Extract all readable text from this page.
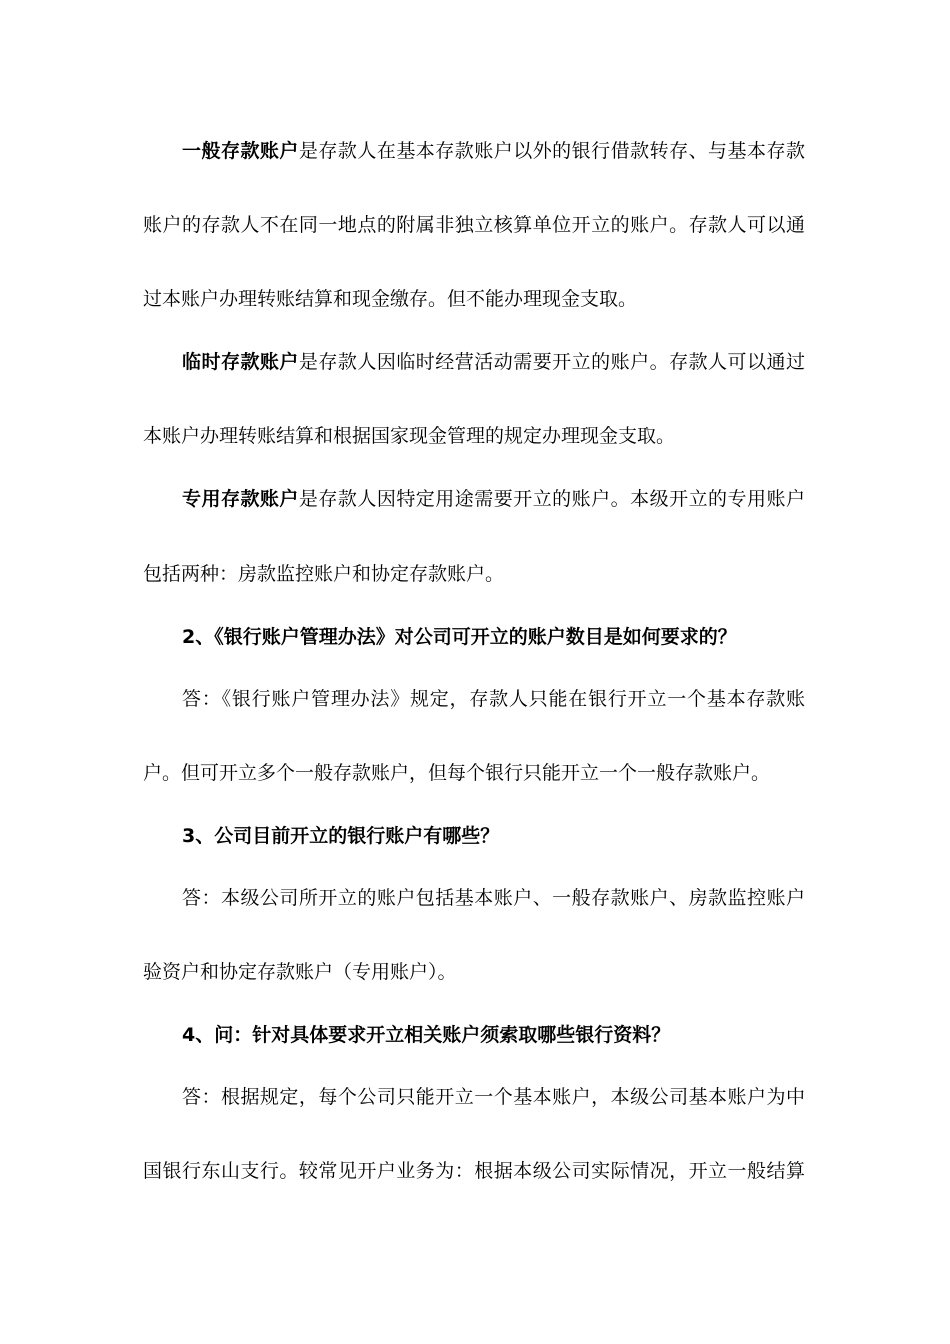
一般存款账户是存款人在基本存款账户以外的银行借款转存、与基本存款
账户的存款人不在同一地点的附属非独立核算单位开立的账户。存款人可以通
过本账户办理转账结算和现金缴存。但不能办理现金支取。
临时存款账户是存款人因临时经营活动需要开立的账户。存款人可以通过
本账户办理转账结算和根据国家现金管理的规定办理现金支取。
专用存款账户是存款人因特定用途需要开立的账户。本级开立的专用账户
包括两种：房款监控账户和协定存款账户。
2、《银行账户管理办法》对公司可开立的账户数目是如何要求的？
答：《银行账户管理办法》规定，存款人只能在银行开立一个基本存款账
户。但可开立多个一般存款账户，但每个银行只能开立一个一般存款账户。
3、公司目前开立的银行账户有哪些？
答：本级公司所开立的账户包括基本账户、一般存款账户、房款监控账户
验资户和协定存款账户（专用账户）。
4、问：针对具体要求开立相关账户须索取哪些银行资料？
答：根据规定，每个公司只能开立一个基本账户，本级公司基本账户为中
国银行东山支行。较常见开户业务为：根据本级公司实际情况，开立一般结算
